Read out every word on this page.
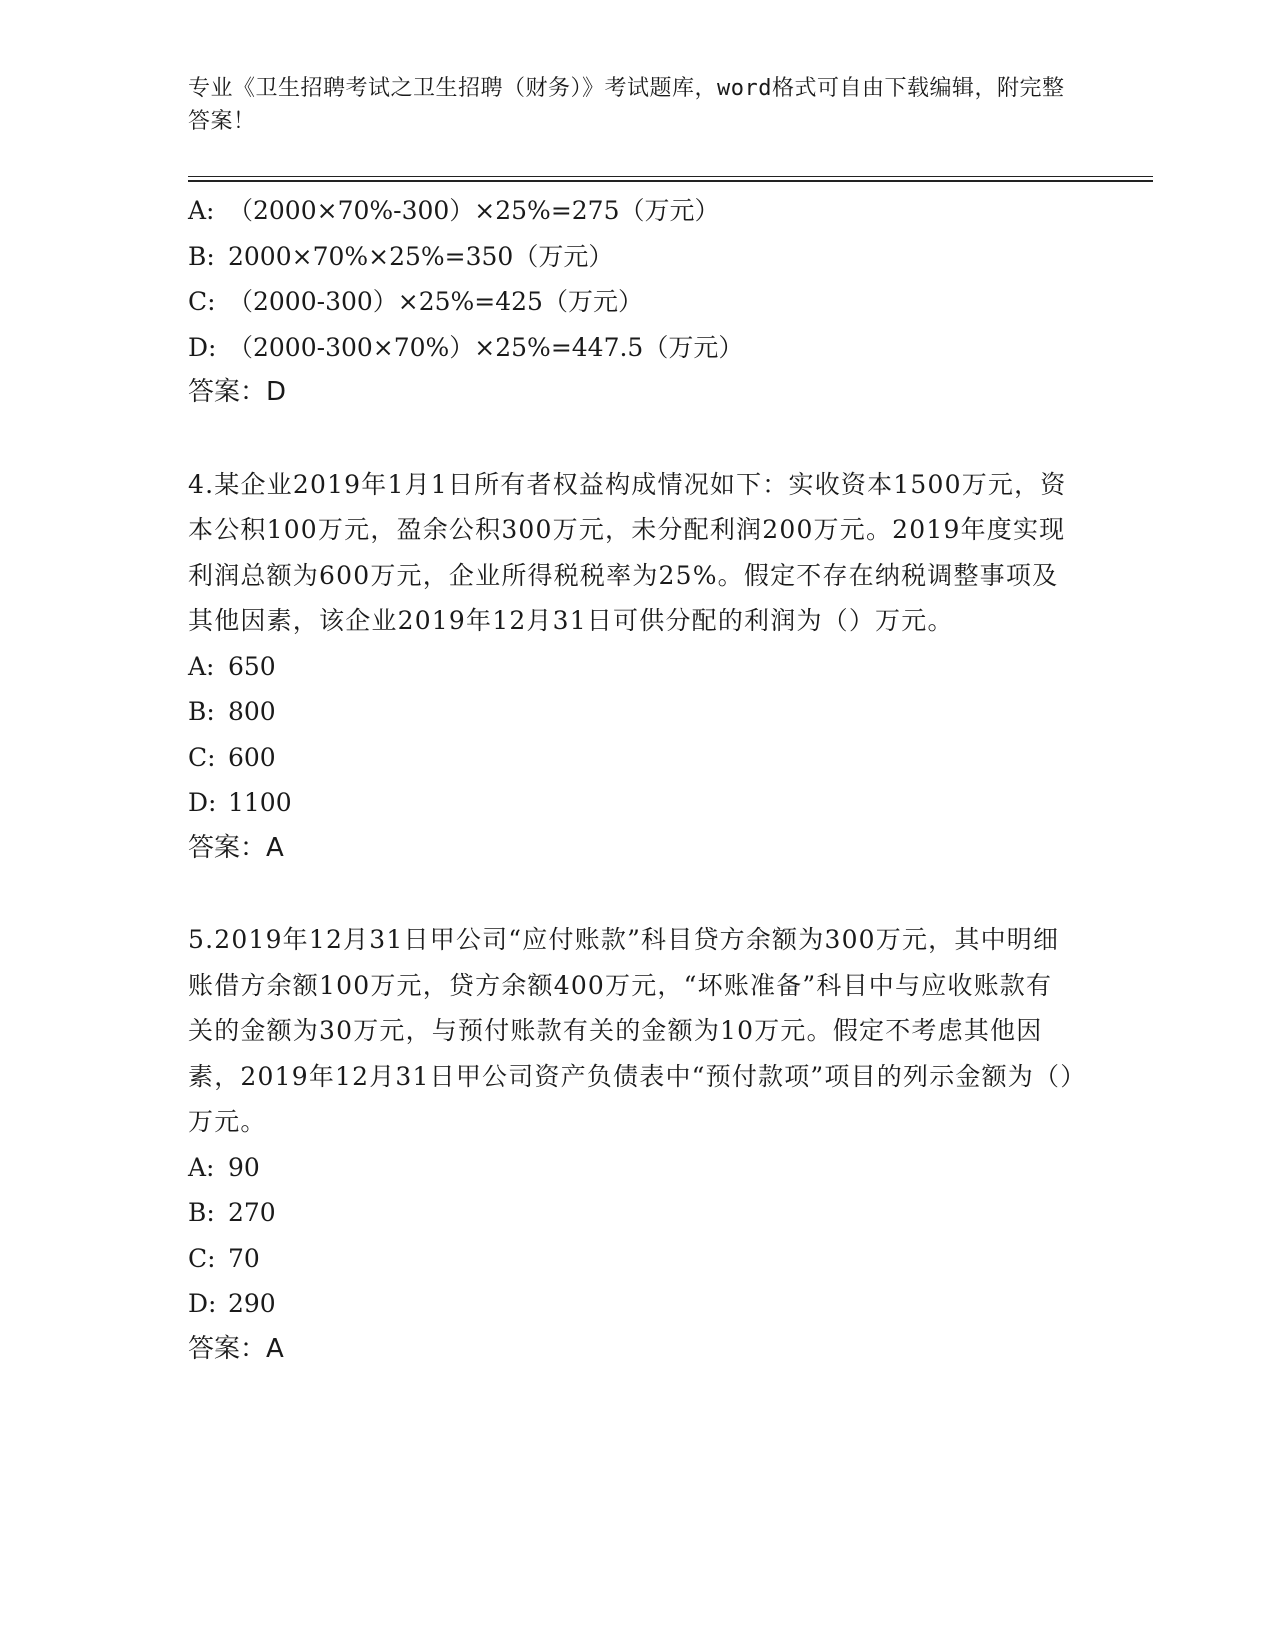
专业《卫生招聘考试之卫生招聘（财务）》考试题库，word格式可自由下载编辑，附完整答案！
A: （2000×70%-300）×25%=275（万元）
B: 2000×70%×25%=350（万元）
C: （2000-300）×25%=425（万元）
D: （2000-300×70%）×25%=447.5（万元）
答案：D
4.某企业2019年1月1日所有者权益构成情况如下：实收资本1500万元，资本公积100万元，盈余公积300万元，未分配利润200万元。2019年度实现利润总额为600万元，企业所得税税率为25%。假定不存在纳税调整事项及其他因素，该企业2019年12月31日可供分配的利润为（）万元。
A: 650
B: 800
C: 600
D: 1100
答案：A
5.2019年12月31日甲公司“应付账款”科目贷方余额为300万元，其中明细账借方余额100万元，贷方余额400万元，“坏账准备”科目中与应收账款有关的金额为30万元，与预付账款有关的金额为10万元。假定不考虑其他因素，2019年12月31日甲公司资产负债表中“预付款项”项目的列示金额为（）万元。
A: 90
B: 270
C: 70
D: 290
答案：A
